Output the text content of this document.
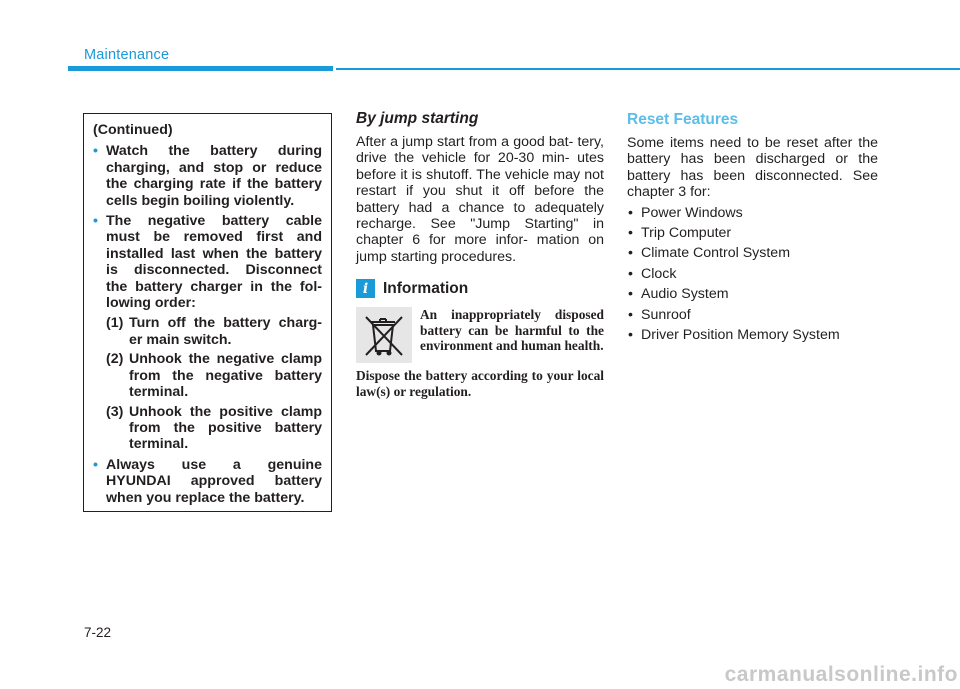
Maintenance

(Continued)

• Watch the battery during charging, and stop or reduce the charging rate if the battery cells begin boiling violently.
• The negative battery cable must be removed first and installed last when the battery is disconnected. Disconnect the battery charger in the fol- lowing order:
(1) Turn off the battery charg- er main switch.
(2) Unhook the negative clamp from the negative battery terminal.
(3) Unhook the positive clamp from the positive battery terminal.
• Always use a genuine HYUNDAI approved battery when you replace the battery.
By jump starting

After a jump start from a good bat- tery, drive the vehicle for 20-30 min- utes before it is shutoff. The vehicle may not restart if you shut it off before the battery had a chance to adequately recharge. See "Jump Starting" in chapter 6 for more infor- mation on jump starting procedures.

i Information

An inappropriately disposed battery can be harmful to the environment and human health.

Dispose the battery according to your local law(s) or regulation.

Reset Features

Some items need to be reset after the battery has been discharged or the battery has been disconnected. See chapter 3 for:

• Power Windows
• Trip Computer
• Climate Control System
• Clock
• Audio System
• Sunroof
• Driver Position Memory System

7-22

carmanualsonline.info
